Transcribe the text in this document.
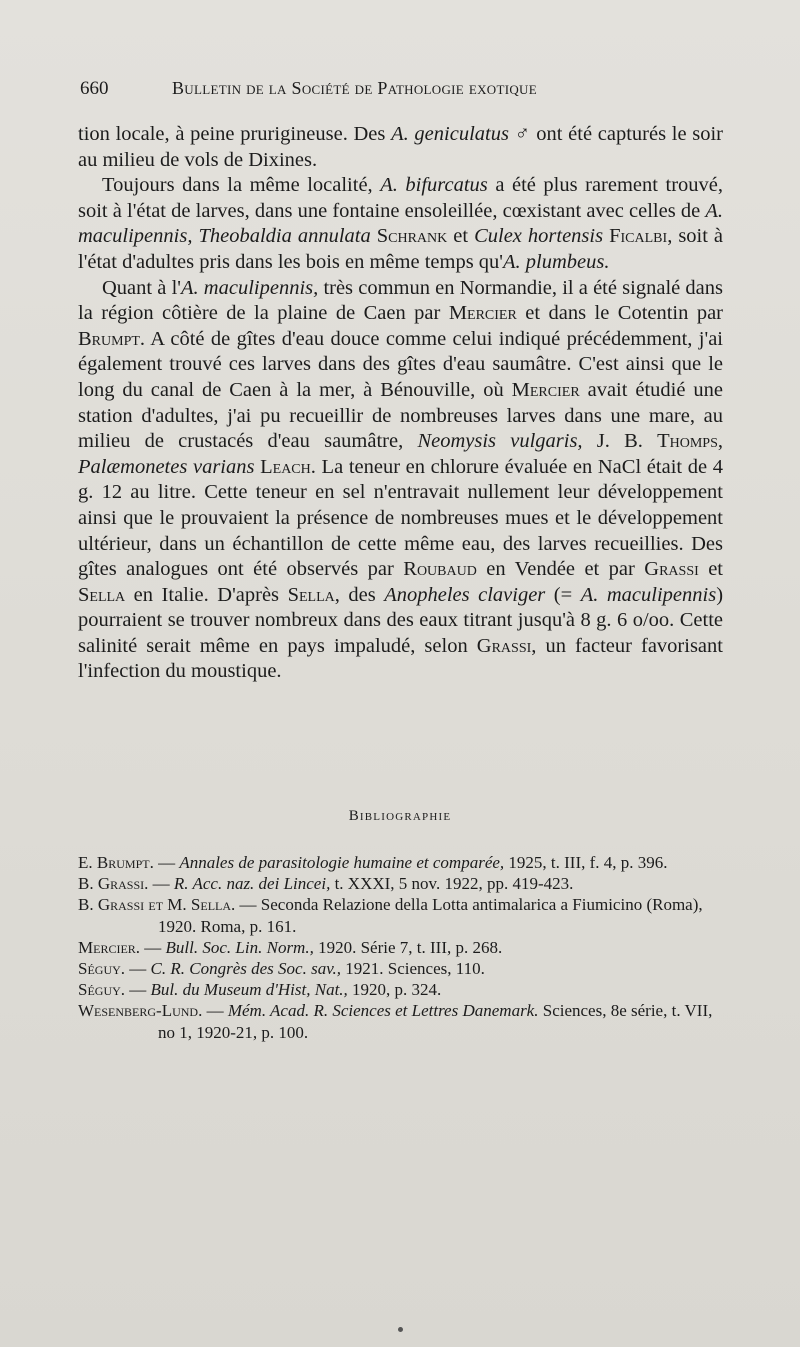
660	Bulletin de la Société de Pathologie exotique

tion locale, à peine prurigineuse. Des A. geniculatus ♂ ont été capturés le soir au milieu de vols de Dixines.

Toujours dans la même localité, A. bifurcatus a été plus rarement trouvé, soit à l'état de larves, dans une fontaine ensoleillée, cœxistant avec celles de A. maculipennis, Theobaldia annulata Schrank et Culex hortensis Ficalbi, soit à l'état d'adultes pris dans les bois en même temps qu'A. plumbeus.

Quant à l'A. maculipennis, très commun en Normandie, il a été signalé dans la région côtière de la plaine de Caen par Mercier et dans le Cotentin par Brumpt. A côté de gîtes d'eau douce comme celui indiqué précédemment, j'ai également trouvé ces larves dans des gîtes d'eau saumâtre. C'est ainsi que le long du canal de Caen à la mer, à Bénouville, où Mercier avait étudié une station d'adultes, j'ai pu recueillir de nombreuses larves dans une mare, au milieu de crustacés d'eau saumâtre, Neomysis vulgaris, J. B. Thomps, Palæmonetes varians Leach. La teneur en chlorure évaluée en NaCl était de 4 g. 12 au litre. Cette teneur en sel n'entravait nullement leur développement ainsi que le prouvaient la présence de nombreuses mues et le développement ultérieur, dans un échantillon de cette même eau, des larves recueillies. Des gîtes analogues ont été observés par Roubaud en Vendée et par Grassi et Sella en Italie. D'après Sella, des Anopheles claviger (= A. maculipennis) pourraient se trouver nombreux dans des eaux titrant jusqu'à 8 g. 6 o/oo. Cette salinité serait même en pays impaludé, selon Grassi, un facteur favorisant l'infection du moustique.

Bibliographie

E. Brumpt. — Annales de parasitologie humaine et comparée, 1925, t. III, f. 4, p. 396.

B. Grassi. — R. Acc. naz. dei Lincei, t. XXXI, 5 nov. 1922, pp. 419-423.

B. Grassi et M. Sella. — Seconda Relazione della Lotta antimalarica a Fiumicino (Roma), 1920. Roma, p. 161.

Mercier. — Bull. Soc. Lin. Norm., 1920. Série 7, t. III, p. 268.

Séguy. — C. R. Congrès des Soc. sav., 1921. Sciences, 110.

Séguy. — Bul. du Museum d'Hist, Nat., 1920, p. 324.

Wesenberg-Lund. — Mém. Acad. R. Sciences et Lettres Danemark. Sciences, 8e série, t. VII, no 1, 1920-21, p. 100.
